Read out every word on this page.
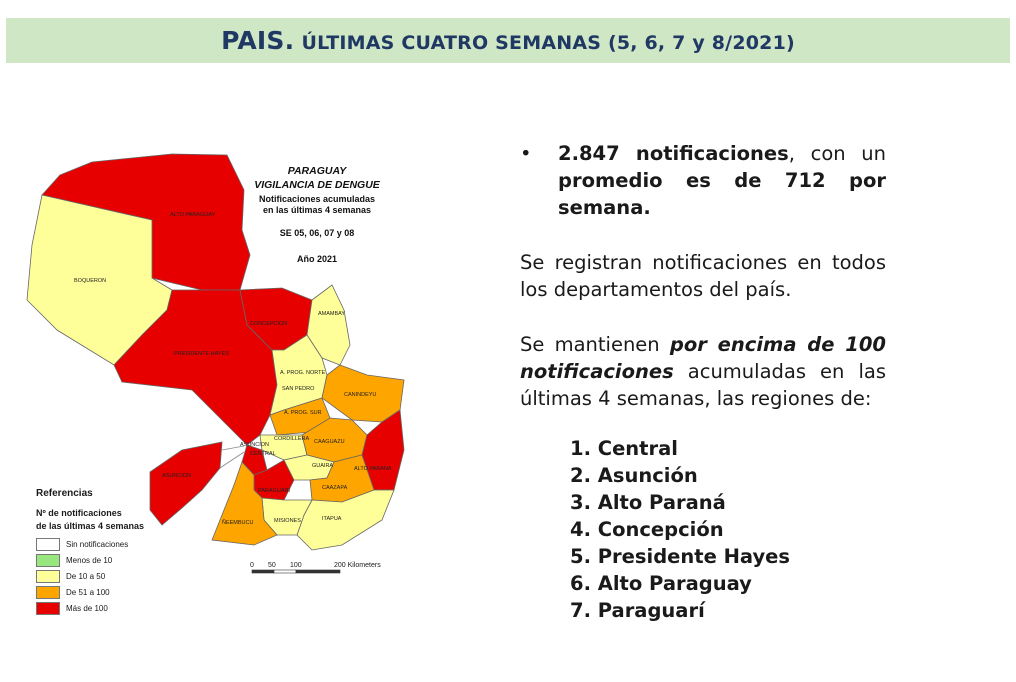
PAIS. ÚLTIMAS CUATRO SEMANAS (5, 6, 7 y 8/2021)
ALTO PARAGUAY
BOQUERON
PRESIDENTE HAYES
CONCEPCION
AMAMBAY
A. PROG. NORTE
SAN PEDRO
A. PROG. SUR
CANINDEYU
CORDILLERA CAAGUAZU
ASUNCION
CENTRAL
GUAIRA	ALTO PARANA
PARAGUARI	CAAZAPA
ÑEEMBUCU	MISIONES	ITAPUA
ASUNCION
PARAGUAY
VIGILANCIA DE DENGUE
Notificaciones acumuladas
en las últimas 4 semanas
SE 05, 06, 07 y 08
Año 2021
Referencias
Nº de notificaciones
de las últimas 4 semanas
Sin notificaciones
Menos de 10
De 10 a 50
De 51 a 100
Más de 100
0 50 100	200 Kilometers
•	2.847 notificaciones, con un promedio es de 712 por semana.

Se registran notificaciones en todos los departamentos del país.

Se mantienen por encima de 100 notificaciones acumuladas en las últimas 4 semanas, las regiones de:

1. Central
2. Asunción
3. Alto Paraná
4. Concepción
5. Presidente Hayes
6. Alto Paraguay
7. Paraguarí
